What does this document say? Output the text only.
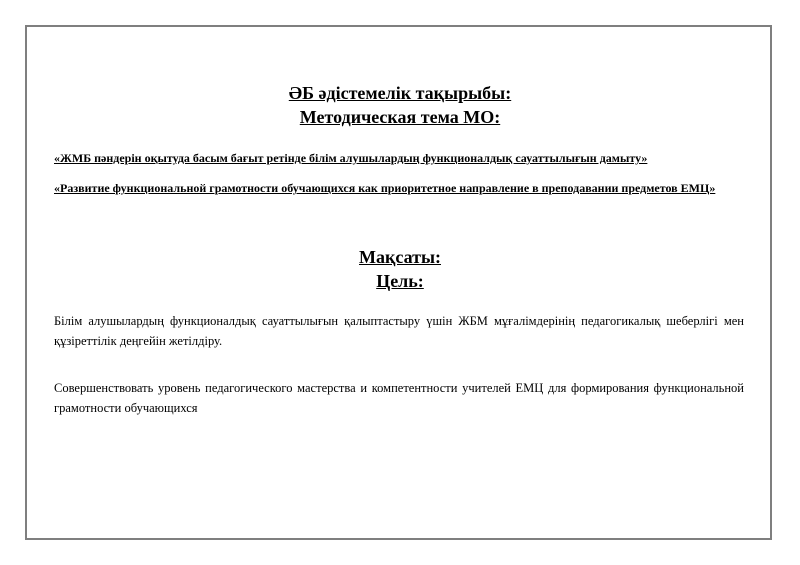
ӘБ әдістемелік тақырыбы:
Методическая тема МО:
«ЖМБ пәндерін оқытуда басым бағыт ретінде білім алушылардың функционалдық сауаттылығын дамыту»
«Развитие функциональной грамотности обучающихся как приоритетное направление в преподавании предметов ЕМЦ»
Мақсаты:
Цель:
Білім алушылардың функционалдық сауаттылығын қалыптастыру үшін ЖБМ мұғалімдерінің педагогикалық шеберлігі мен құзіреттілік деңгейін жетілдіру.
Совершенствовать уровень педагогического мастерства и компетентности учителей ЕМЦ для формирования функциональной грамотности обучающихся
